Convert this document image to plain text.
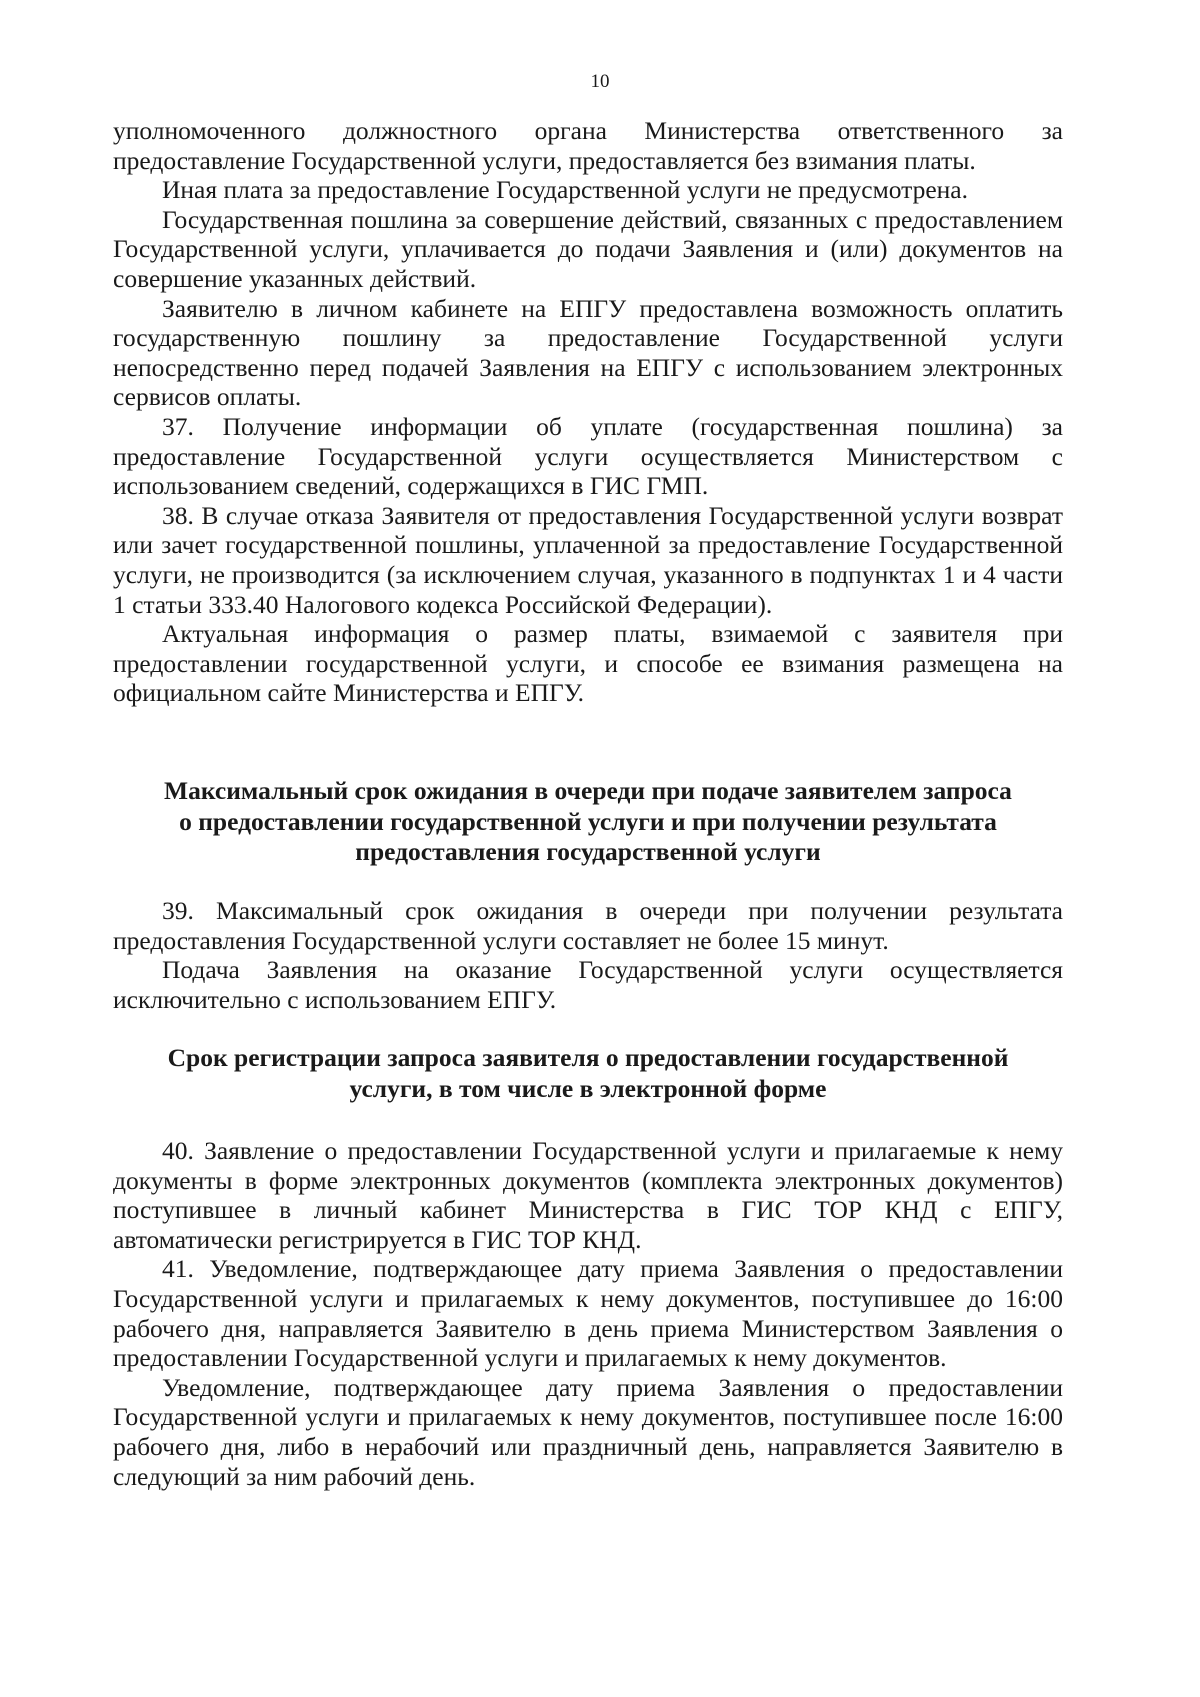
10

уполномоченного должностного органа Министерства ответственного за предоставление Государственной услуги, предоставляется без взимания платы.

Иная плата за предоставление Государственной услуги не предусмотрена.

Государственная пошлина за совершение действий, связанных с предоставлением Государственной услуги, уплачивается до подачи Заявления и (или) документов на совершение указанных действий.

Заявителю в личном кабинете на ЕПГУ предоставлена возможность оплатить государственную пошлину за предоставление Государственной услуги непосредственно перед подачей Заявления на ЕПГУ с использованием электронных сервисов оплаты.

37. Получение информации об уплате (государственная пошлина) за предоставление Государственной услуги осуществляется Министерством с использованием сведений, содержащихся в ГИС ГМП.

38. В случае отказа Заявителя от предоставления Государственной услуги возврат или зачет государственной пошлины, уплаченной за предоставление Государственной услуги, не производится (за исключением случая, указанного в подпунктах 1 и 4 части 1 статьи 333.40 Налогового кодекса Российской Федерации).

Актуальная информация о размер платы, взимаемой с заявителя при предоставлении государственной услуги, и способе ее взимания размещена на официальном сайте Министерства и ЕПГУ.

Максимальный срок ожидания в очереди при подаче заявителем запроса
о предоставлении государственной услуги и при получении результата
предоставления государственной услуги

39. Максимальный срок ожидания в очереди при получении результата предоставления Государственной услуги составляет не более 15 минут.

Подача Заявления на оказание Государственной услуги осуществляется исключительно с использованием ЕПГУ.

Срок регистрации запроса заявителя о предоставлении государственной
услуги, в том числе в электронной форме

40. Заявление о предоставлении Государственной услуги и прилагаемые к нему документы в форме электронных документов (комплекта электронных документов) поступившее в личный кабинет Министерства в ГИС ТОР КНД с ЕПГУ, автоматически регистрируется в ГИС ТОР КНД.

41. Уведомление, подтверждающее дату приема Заявления о предоставлении Государственной услуги и прилагаемых к нему документов, поступившее до 16:00 рабочего дня, направляется Заявителю в день приема Министерством Заявления о предоставлении Государственной услуги и прилагаемых к нему документов.

Уведомление, подтверждающее дату приема Заявления о предоставлении Государственной услуги и прилагаемых к нему документов, поступившее после 16:00 рабочего дня, либо в нерабочий или праздничный день, направляется Заявителю в следующий за ним рабочий день.
